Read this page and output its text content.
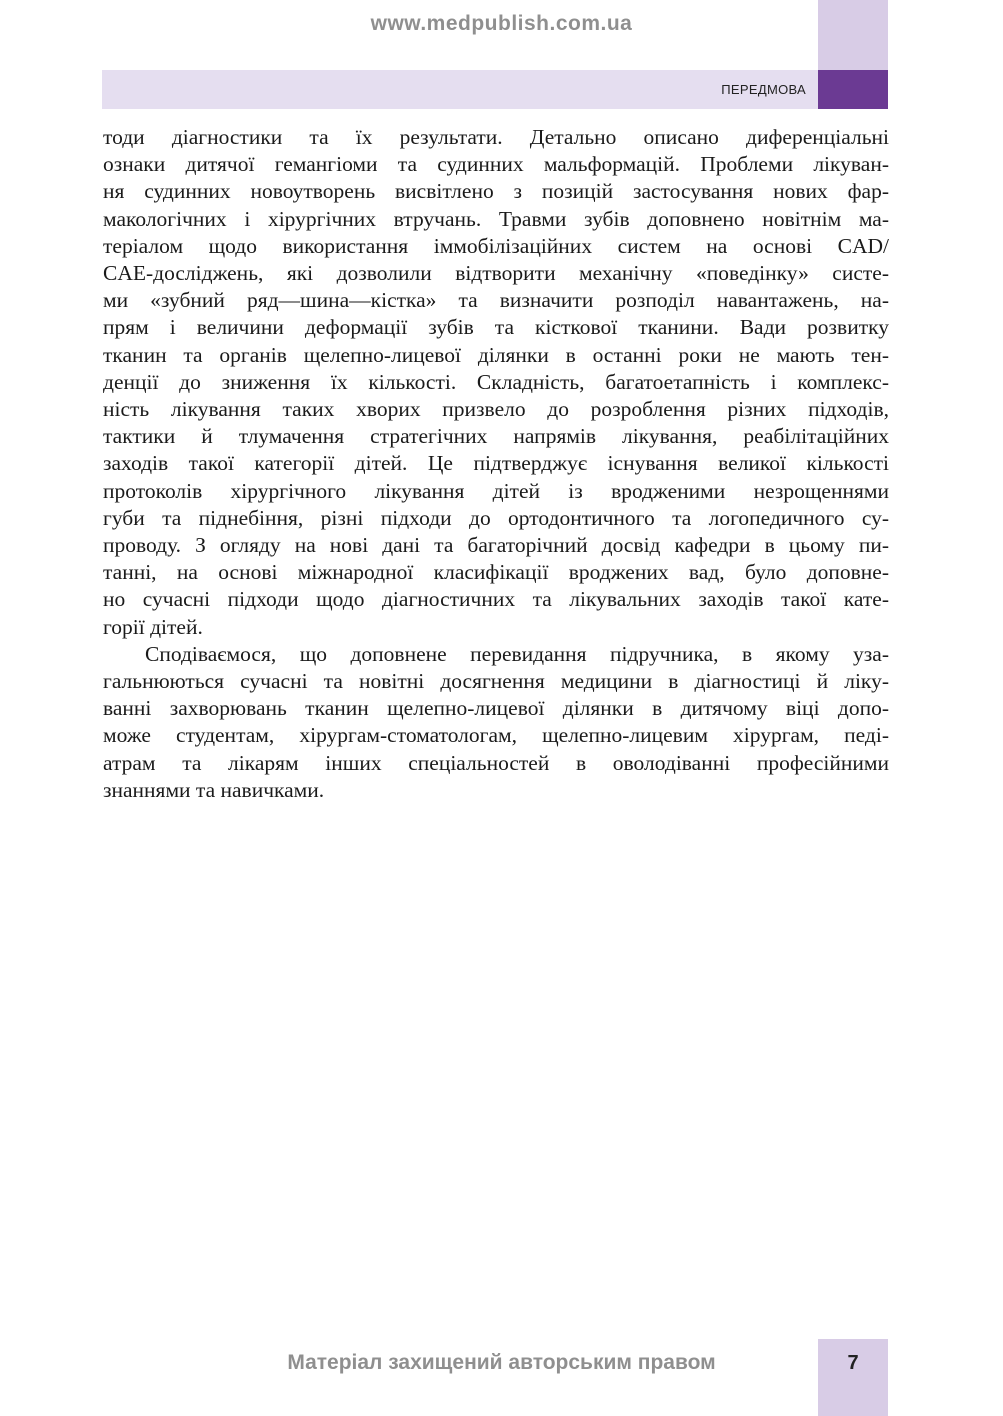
www.medpublish.com.ua
ПЕРЕДМОВА

тоди діагностики та їх результати. Детально описано диференціальні
ознаки дитячої гемангіоми та судинних мальформацій. Проблеми лікуван-
ня судинних новоутворень висвітлено з позицій застосування нових фар-
макологічних і хірургічних втручань. Травми зубів доповнено новітнім ма-
теріалом щодо використання іммобілізаційних систем на основі CAD/
CAE-досліджень, які дозволили відтворити механічну «поведінку» систе-
ми «зубний ряд—шина—кістка» та визначити розподіл навантажень, на-
прям і величини деформації зубів та кісткової тканини. Вади розвитку
тканин та органів щелепно-лицевої ділянки в останні роки не мають тен-
денції до зниження їх кількості. Складність, багатоетапність і комплекс-
ність лікування таких хворих призвело до розроблення різних підходів,
тактики й тлумачення стратегічних напрямів лікування, реабілітаційних
заходів такої категорії дітей. Це підтверджує існування великої кількості
протоколів хірургічного лікування дітей із вродженими незрощеннями
губи та піднебіння, різні підходи до ортодонтичного та логопедичного су-
проводу. З огляду на нові дані та багаторічний досвід кафедри в цьому пи-
танні, на основі міжнародної класифікації вроджених вад, було доповне-
но сучасні підходи щодо діагностичних та лікувальних заходів такої кате-
горії дітей.

Сподіваємося, що доповнене перевидання підручника, в якому уза-
гальнюються сучасні та новітні досягнення медицини в діагностиці й ліку-
ванні захворювань тканин щелепно-лицевої ділянки в дитячому віці допо-
може студентам, хірургам-стоматологам, щелепно-лицевим хірургам, педі-
атрам та лікарям інших спеціальностей в оволодіванні професійними
знаннями та навичками.

7
Матеріал захищений авторським правом
